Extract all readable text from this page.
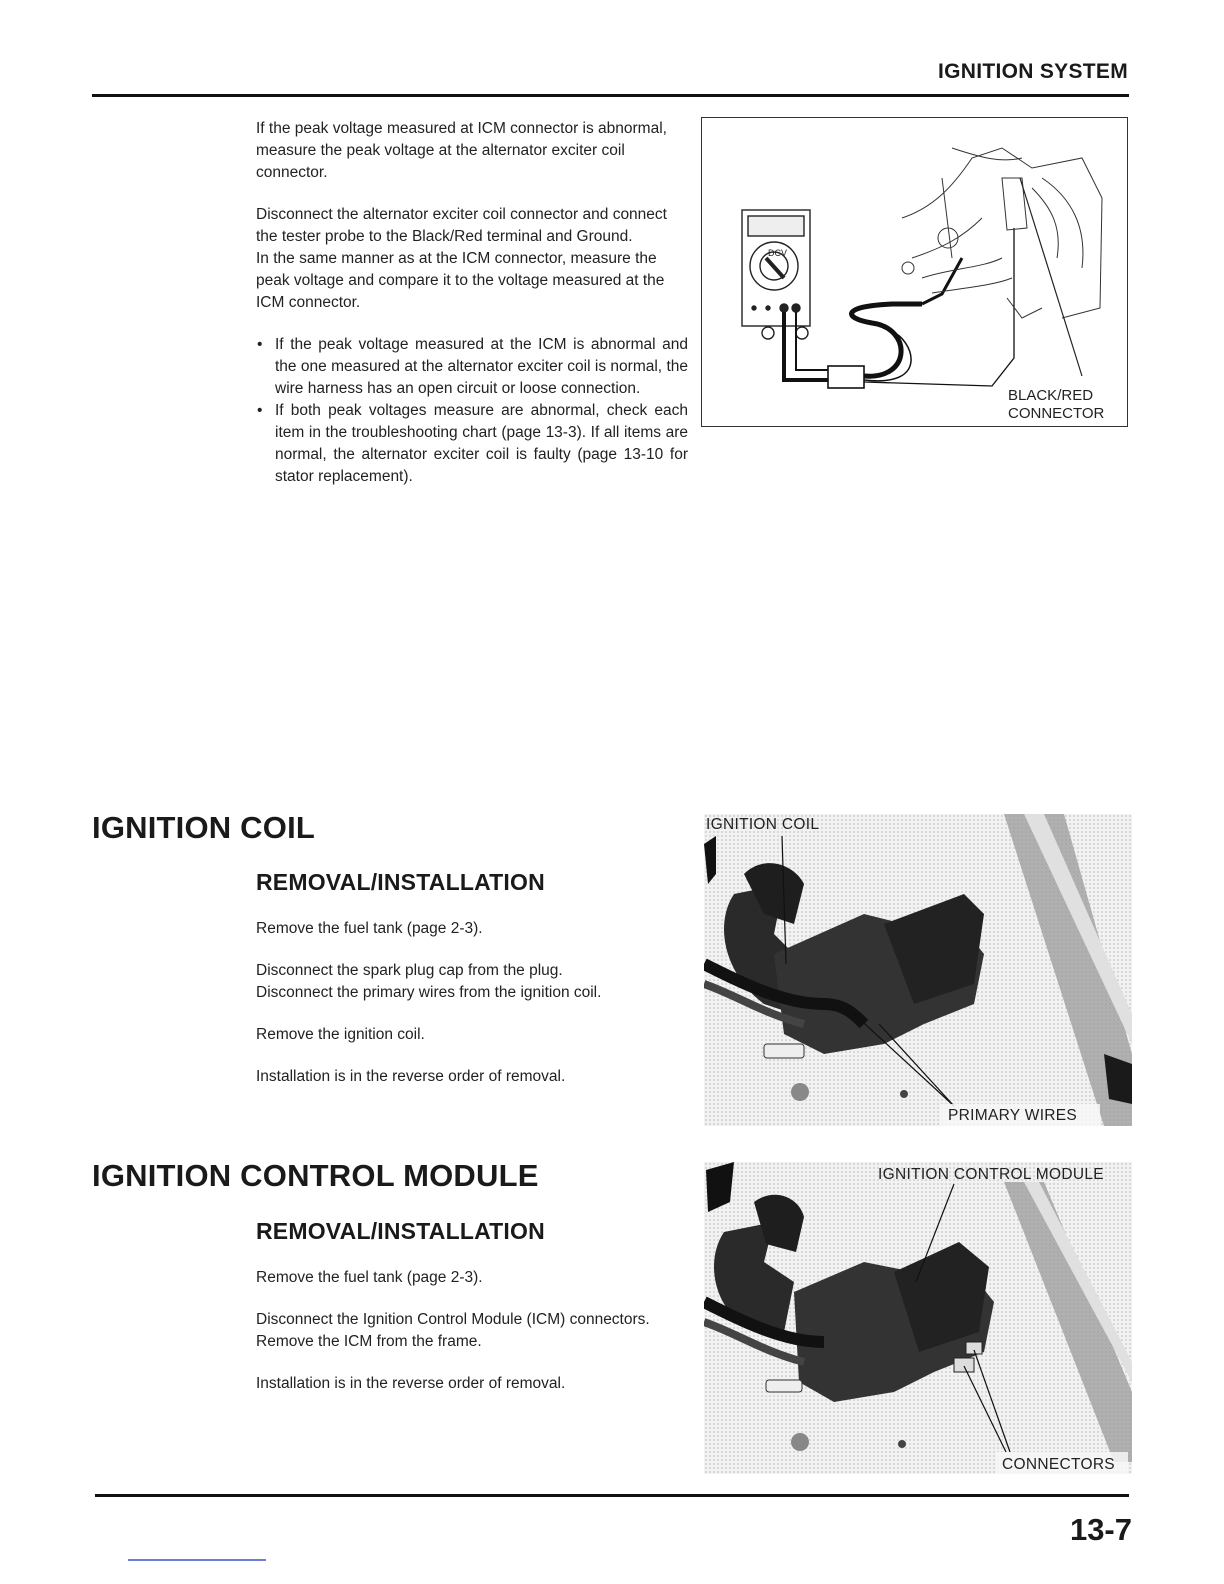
IGNITION SYSTEM

If the peak voltage measured at ICM connector is abnormal, measure the peak voltage at the alternator exciter coil connector.

Disconnect the alternator exciter coil connector and connect the tester probe to the Black/Red terminal and Ground.

In the same manner as at the ICM connector, measure the peak voltage and compare it to the voltage measured at the ICM connector.

• If the peak voltage measured at the ICM is abnormal and the one measured at the alternator exciter coil is normal, the wire harness has an open circuit or loose connection.
• If both peak voltages measure are abnormal, check each item in the troubleshooting chart (page 13-3). If all items are normal, the alternator exciter coil is faulty (page 13-10 for stator replacement).
DCV
BLACK/RED
CONNECTOR
IGNITION COIL
REMOVAL/INSTALLATION

Remove the fuel tank (page 2-3).

Disconnect the spark plug cap from the plug.

Disconnect the primary wires from the ignition coil.

Remove the ignition coil.

Installation is in the reverse order of removal.

IGNITION COIL
PRIMARY WIRES
IGNITION CONTROL MODULE
REMOVAL/INSTALLATION

Remove the fuel tank (page 2-3).

Disconnect the Ignition Control Module (ICM) connectors.

Remove the ICM from the frame.

Installation is in the reverse order of removal.

IGNITION CONTROL MODULE
CONNECTORS
13-7
